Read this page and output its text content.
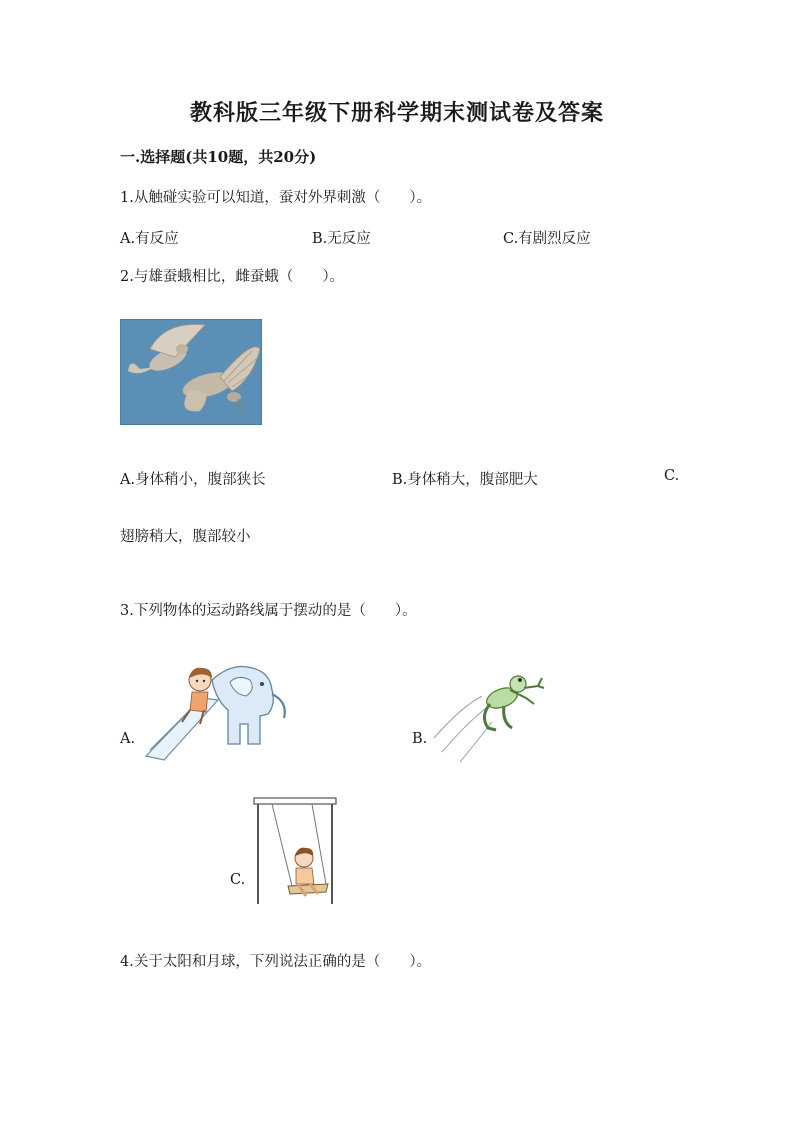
教科版三年级下册科学期末测试卷及答案
一.选择题(共10题，共20分)
1.从触碰实验可以知道，蚕对外界刺激（　　）。
A.有反应	B.无反应	C.有剧烈反应
2.与雄蚕蛾相比，雌蚕蛾（　　）。
A.身体稍小，腹部狭长	B.身体稍大，腹部肥大	C.
翅膀稍大，腹部较小
3.下列物体的运动路线属于摆动的是（　　）。
A.	B.
C.
4.关于太阳和月球，下列说法正确的是（　　）。
